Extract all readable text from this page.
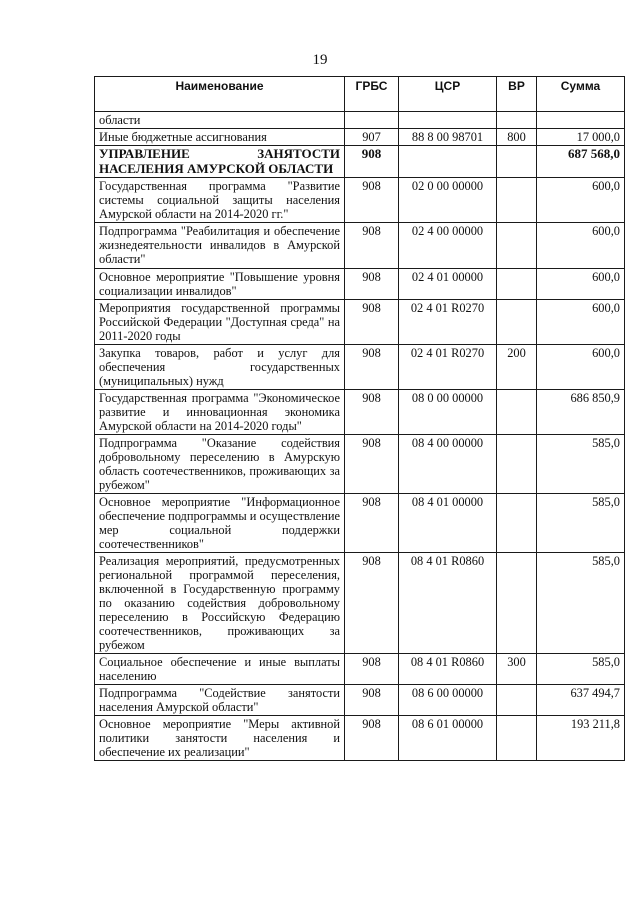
19
Наименование	ГРБС	ЦСР	ВР	Сумма
области				
Иные бюджетные ассигнования	907	88 8 00 98701	800	17 000,0
УПРАВЛЕНИЕ ЗАНЯТОСТИ НАСЕЛЕНИЯ АМУРСКОЙ ОБЛАСТИ	908			687 568,0
Государственная программа "Развитие системы социальной защиты населения Амурской области на 2014-2020 гг."	908	02 0 00 00000		600,0
Подпрограмма "Реабилитация и обеспечение жизнедеятельности инвалидов в Амурской области"	908	02 4 00 00000		600,0
Основное мероприятие "Повышение уровня социализации инвалидов"	908	02 4 01 00000		600,0
Мероприятия государственной программы Российской Федерации "Доступная среда" на 2011-2020 годы	908	02 4 01 R0270		600,0
Закупка товаров, работ и услуг для обеспечения государственных (муниципальных) нужд	908	02 4 01 R0270	200	600,0
Государственная программа "Экономическое развитие и инновационная экономика Амурской области на 2014-2020 годы"	908	08 0 00 00000		686 850,9
Подпрограмма "Оказание содействия добровольному переселению в Амурскую область соотечественников, проживающих за рубежом"	908	08 4 00 00000		585,0
Основное мероприятие "Информационное обеспечение подпрограммы и осуществление мер социальной поддержки соотечественников"	908	08 4 01 00000		585,0
Реализация мероприятий, предусмотренных региональной программой переселения, включенной в Государственную программу по оказанию содействия добровольному переселению в Российскую Федерацию соотечественников, проживающих за рубежом	908	08 4 01 R0860		585,0
Социальное обеспечение и иные выплаты населению	908	08 4 01 R0860	300	585,0
Подпрограмма "Содействие занятости населения Амурской области"	908	08 6 00 00000		637 494,7
Основное мероприятие "Меры активной политики занятости населения и обеспечение их реализации"	908	08 6 01 00000		193 211,8
